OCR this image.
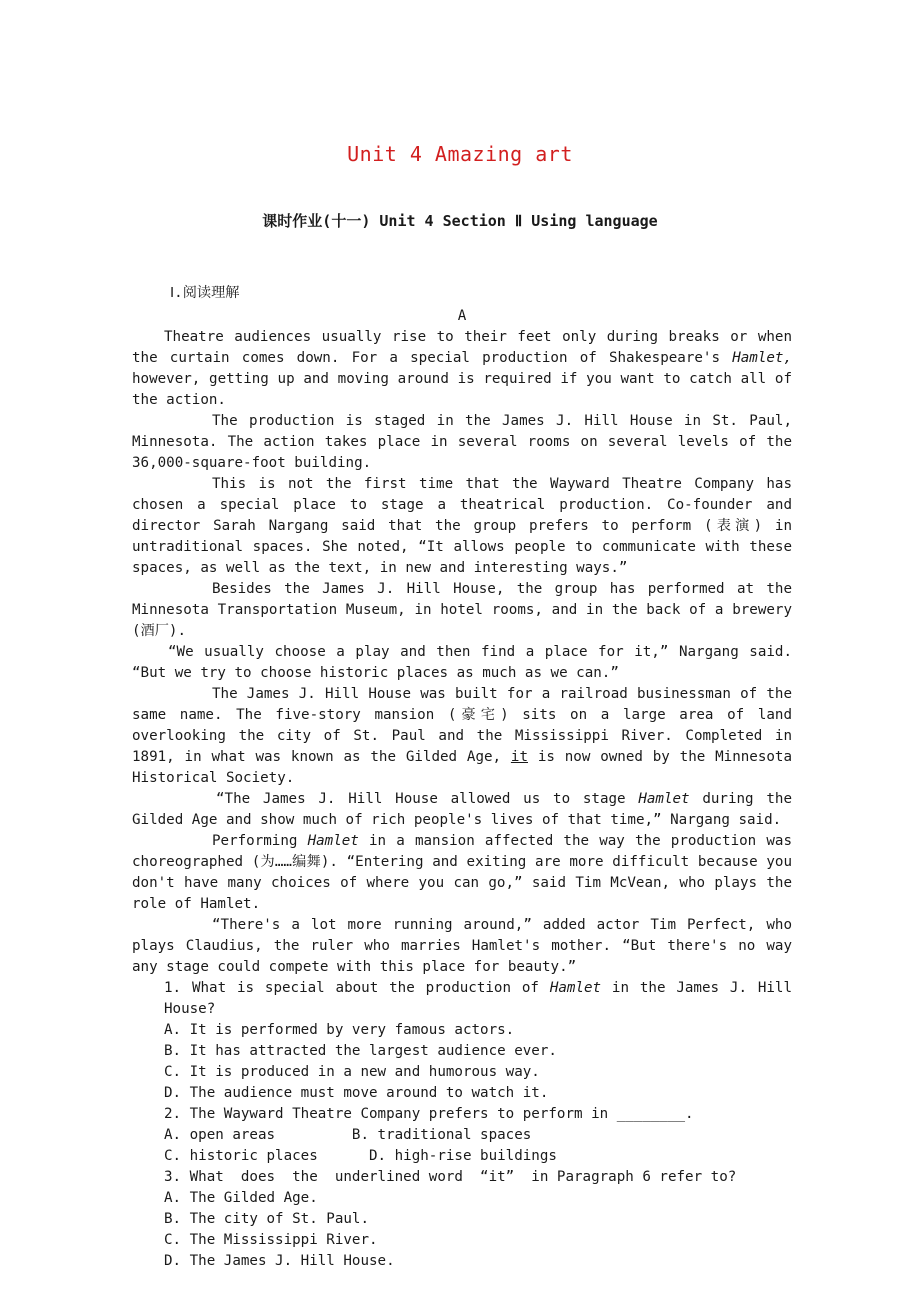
Unit 4 Amazing art
课时作业(十一) Unit 4 Section Ⅱ Using language

Ⅰ.阅读理解

A

Theatre audiences usually rise to their feet only during breaks or when the curtain comes down. For a special production of Shakespeare's Hamlet, however, getting up and moving around is required if you want to catch all of the action.

The production is staged in the James J. Hill House in St. Paul, Minnesota. The action takes place in several rooms on several levels of the 36,000-square-foot building.

This is not the first time that the Wayward Theatre Company has chosen a special place to stage a theatrical production. Co-founder and director Sarah Nargang said that the group prefers to perform (表演) in untraditional spaces. She noted, “It allows people to communicate with these spaces, as well as the text, in new and interesting ways.”

Besides the James J. Hill House, the group has performed at the Minnesota Transportation Museum, in hotel rooms, and in the back of a brewery (酒厂).

“We usually choose a play and then find a place for it,” Nargang said. “But we try to choose historic places as much as we can.”

The James J. Hill House was built for a railroad businessman of the same name. The five-story mansion (豪宅) sits on a large area of land overlooking the city of St. Paul and the Mississippi River. Completed in 1891, in what was known as the Gilded Age, it is now owned by the Minnesota Historical Society.

“The James J. Hill House allowed us to stage Hamlet during the Gilded Age and show much of rich people's lives of that time,” Nargang said.

Performing Hamlet in a mansion affected the way the production was choreographed (为……编舞). “Entering and exiting are more difficult because you don't have many choices of where you can go,” said Tim McVean, who plays the role of Hamlet.

“There's a lot more running around,” added actor Tim Perfect, who plays Claudius, the ruler who marries Hamlet's mother. “But there's no way any stage could compete with this place for beauty.”

1. What is special about the production of Hamlet in the James J. Hill House?

A. It is performed by very famous actors.

B. It has attracted the largest audience ever.

C. It is produced in a new and humorous way.

D. The audience must move around to watch it.

2. The Wayward Theatre Company prefers to perform in ________.

A. open areas         B. traditional spaces

C. historic places      D. high-rise buildings

3. What  does  the  underlined word  “it”  in Paragraph 6 refer to?

A. The Gilded Age.

B. The city of St. Paul.

C. The Mississippi River.

D. The James J. Hill House.
